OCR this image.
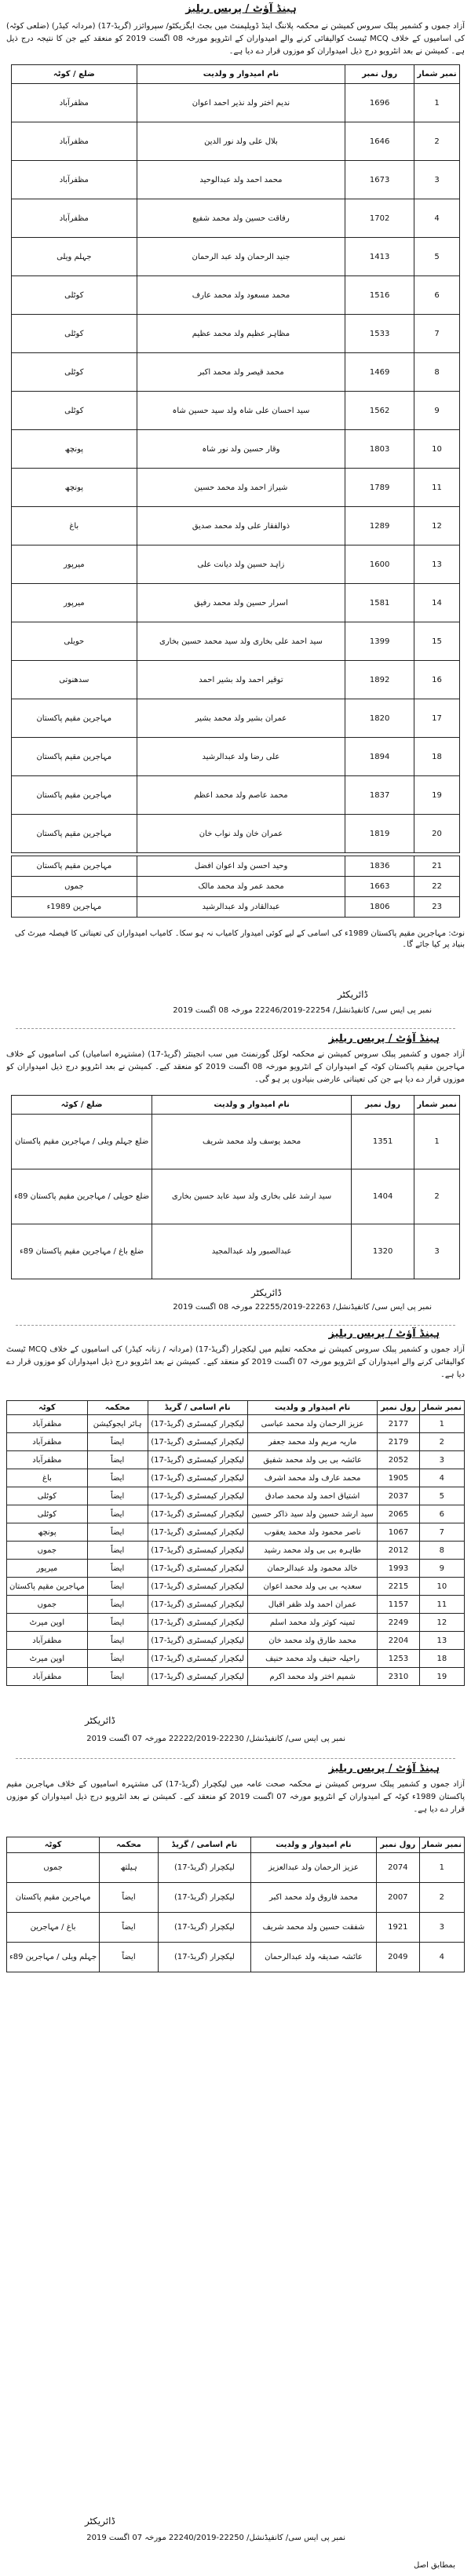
ہینڈ آؤٹ / پریس ریلیز
آزاد جموں و کشمیر پبلک سروس کمیشن نے محکمہ پلاننگ اینڈ ڈویلپمنٹ میں بجٹ ایگزیکٹو/ سپروائزر (گریڈ-17) (مردانہ کیڈر) (ضلعی کوٹہ) کی اسامیوں کے خلاف MCQ ٹیسٹ کوالیفائی کرنے والے امیدواران کے انٹرویو مورخہ 08 اگست 2019 کو منعقد کیے جن کا نتیجہ درج ذیل ہے۔ کمیشن نے بعد انٹرویو درج ذیل امیدواران کو موزوں قرار دے دیا ہے۔
نمبر شمار	رول نمبر	نام امیدوار و ولدیت	ضلع / کوٹہ
1	1696	ندیم اختر ولد نذیر احمد اعوان	مظفرآباد
2	1646	بلال علی ولد نور الدین	مظفرآباد
3	1673	محمد احمد ولد عبدالوحید	مظفرآباد
4	1702	رفاقت حسین ولد محمد شفیع	مظفرآباد
5	1413	جنید الرحمان ولد عبد الرحمان	جہلم ویلی
6	1516	محمد مسعود ولد محمد عارف	کوٹلی
7	1533	مظاہر عظیم ولد محمد عظیم	کوٹلی
8	1469	محمد قیصر ولد محمد اکبر	کوٹلی
9	1562	سید احسان علی شاہ ولد سید حسین شاہ	کوٹلی
10	1803	وقار حسین ولد نور شاہ	پونچھ
11	1789	شیراز احمد ولد محمد حسین	پونچھ
12	1289	ذوالفقار علی ولد محمد صدیق	باغ
13	1600	زاہد حسین ولد دیانت علی	میرپور
14	1581	اسرار حسین ولد محمد رفیق	میرپور
15	1399	سید احمد علی بخاری ولد سید محمد حسین بخاری	حویلی
16	1892	توقیر احمد ولد بشیر احمد	سدھنوتی
17	1820	عمران بشیر ولد محمد بشیر	مہاجرین مقیم پاکستان
18	1894	علی رضا ولد عبدالرشید	مہاجرین مقیم پاکستان
19	1837	محمد عاصم ولد محمد اعظم	مہاجرین مقیم پاکستان
20	1819	عمران خان ولد نواب خان	مہاجرین مقیم پاکستان
21	1836	وحید احسن ولد اعوان افضل	مہاجرین مقیم پاکستان
22	1663	محمد عمر ولد محمد مالک	جموں
23	1806	عبدالقادر ولد عبدالرشید	مہاجرین 1989ء
نوٹ: مہاجرین مقیم پاکستان 1989ء کی اسامی کے لیے کوئی امیدوار کامیاب نہ ہو سکا۔ کامیاب امیدواران کی تعیناتی کا فیصلہ میرٹ کی بنیاد پر کیا جائے گا۔
ڈائریکٹر
نمبر پی ایس سی/ کانفیڈنشل/ 22254-22246/2019 مورخہ 08 اگست 2019
ہینڈ آؤٹ / پریس ریلیز
آزاد جموں و کشمیر پبلک سروس کمیشن نے محکمہ لوکل گورنمنٹ میں سب انجینئر (گریڈ-17) (مشتہرہ اسامیاں) کی اسامیوں کے خلاف مہاجرین مقیم پاکستان کوٹہ کے امیدواران کے انٹرویو مورخہ 08 اگست 2019 کو منعقد کیے۔ کمیشن نے بعد انٹرویو درج ذیل امیدواران کو موزوں قرار دے دیا ہے جن کی تعیناتی عارضی بنیادوں پر ہو گی۔
نمبر شمار	رول نمبر	نام امیدوار و ولدیت	ضلع / کوٹہ
1	1351	محمد یوسف ولد محمد شریف	ضلع جہلم ویلی / مہاجرین مقیم پاکستان
2	1404	سید ارشد علی بخاری ولد سید عابد حسین بخاری	ضلع حویلی / مہاجرین مقیم پاکستان 89ء
3	1320	عبدالصبور ولد عبدالمجید	ضلع باغ / مہاجرین مقیم پاکستان 89ء
ڈائریکٹر
نمبر پی ایس سی/ کانفیڈنشل/ 22263-22255/2019 مورخہ 08 اگست 2019
ہینڈ آؤٹ / پریس ریلیز
آزاد جموں و کشمیر پبلک سروس کمیشن نے محکمہ تعلیم میں لیکچرار (گریڈ-17) (مردانہ / زنانہ کیڈر) کی اسامیوں کے خلاف MCQ ٹیسٹ کوالیفائی کرنے والے امیدواران کے انٹرویو مورخہ 07 اگست 2019 کو منعقد کیے۔ کمیشن نے بعد انٹرویو درج ذیل امیدواران کو موزوں قرار دے دیا ہے۔
نمبر شمار	رول نمبر	نام امیدوار و ولدیت	نام اسامی / گریڈ	محکمہ	کوٹہ
1	2177	عزیز الرحمان ولد محمد عباسی	لیکچرار کیمسٹری (گریڈ-17)	ہائر ایجوکیشن	مظفرآباد
2	2179	ماریہ مریم ولد محمد جعفر	لیکچرار کیمسٹری (گریڈ-17)	ایضاً	مظفرآباد
3	2052	عائشہ بی بی ولد محمد شفیق	لیکچرار کیمسٹری (گریڈ-17)	ایضاً	مظفرآباد
4	1905	محمد عارف ولد محمد اشرف	لیکچرار کیمسٹری (گریڈ-17)	ایضاً	باغ
5	2037	اشتیاق احمد ولد محمد صادق	لیکچرار کیمسٹری (گریڈ-17)	ایضاً	کوٹلی
6	2065	سید ارشد حسین ولد سید ذاکر حسین	لیکچرار کیمسٹری (گریڈ-17)	ایضاً	کوٹلی
7	1067	ناصر محمود ولد محمد یعقوب	لیکچرار کیمسٹری (گریڈ-17)	ایضاً	پونچھ
8	2012	طاہرہ بی بی ولد محمد رشید	لیکچرار کیمسٹری (گریڈ-17)	ایضاً	جموں
9	1993	خالد محمود ولد عبدالرحمان	لیکچرار کیمسٹری (گریڈ-17)	ایضاً	میرپور
10	2215	سعدیہ بی بی ولد محمد اعوان	لیکچرار کیمسٹری (گریڈ-17)	ایضاً	مہاجرین مقیم پاکستان
11	1157	عمران احمد ولد ظفر اقبال	لیکچرار کیمسٹری (گریڈ-17)	ایضاً	جموں
12	2249	ثمینہ کوثر ولد محمد اسلم	لیکچرار کیمسٹری (گریڈ-17)	ایضاً	اوپن میرٹ
13	2204	محمد طارق ولد محمد خان	لیکچرار کیمسٹری (گریڈ-17)	ایضاً	مظفرآباد
18	1253	راحیلہ حنیف ولد محمد حنیف	لیکچرار کیمسٹری (گریڈ-17)	ایضاً	اوپن میرٹ
19	2310	شمیم اختر ولد محمد اکرم	لیکچرار کیمسٹری (گریڈ-17)	ایضاً	مظفرآباد
ڈائریکٹر
نمبر پی ایس سی/ کانفیڈنشل/ 22230-22222/2019 مورخہ 07 اگست 2019
ہینڈ آؤٹ / پریس ریلیز
آزاد جموں و کشمیر پبلک سروس کمیشن نے محکمہ صحت عامہ میں لیکچرار (گریڈ-17) کی مشتہرہ اسامیوں کے خلاف مہاجرین مقیم پاکستان 1989ء کوٹہ کے امیدواران کے انٹرویو مورخہ 07 اگست 2019 کو منعقد کیے۔ کمیشن نے بعد انٹرویو درج ذیل امیدواران کو موزوں قرار دے دیا ہے۔
نمبر شمار	رول نمبر	نام امیدوار و ولدیت	نام اسامی / گریڈ	محکمہ	کوٹہ
1	2074	عزیز الرحمان ولد عبدالعزیز	لیکچرار (گریڈ-17)	ہیلتھ	جموں
2	2007	محمد فاروق ولد محمد اکبر	لیکچرار (گریڈ-17)	ایضاً	مہاجرین مقیم پاکستان
3	1921	شفقت حسین ولد محمد شریف	لیکچرار (گریڈ-17)	ایضاً	باغ / مہاجرین
4	2049	عائشہ صدیقہ ولد عبدالرحمان	لیکچرار (گریڈ-17)	ایضاً	جہلم ویلی / مہاجرین 89ء
ڈائریکٹر
نمبر پی ایس سی/ کانفیڈنشل/ 22250-22240/2019 مورخہ 07 اگست 2019
بمطابق اصل
